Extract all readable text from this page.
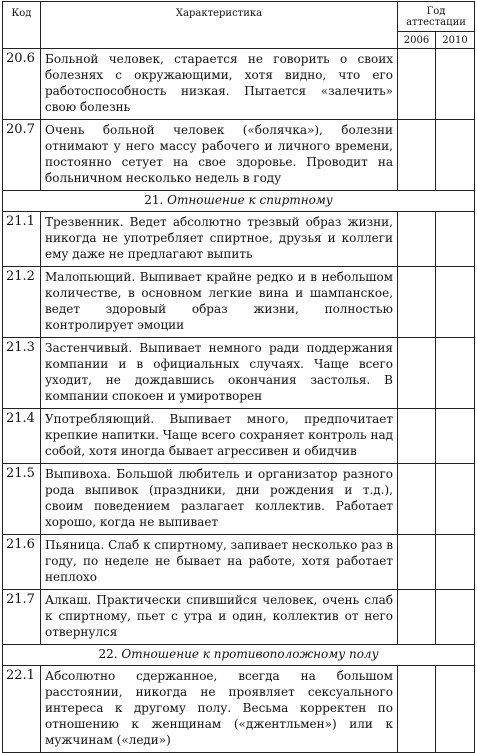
Код	Характеристика	Год
аттестации	

		2006	2010
20.6	Больной человек, старается не говорить о своих болезнях с окружающими, хотя видно, что его работоспособность низкая. Пытается «залечить» свою болезнь		
20.7	Очень больной человек («болячка»), болезни отнимают у него массу рабочего и личного времени, постоянно сетует на свое здоровье. Проводит на больничном несколько недель в году		
21. Отношение к спиртному			
21.1	Трезвенник. Ведет абсолютно трезвый образ жизни, никогда не употребляет спиртное, друзья и коллеги ему даже не предлагают выпить		
21.2	Малопьющий. Выпивает крайне редко и в небольшом количестве, в основном легкие вина и шампанское, ведет здоровый образ жизни, полностью контролирует эмоции		
21.3	Застенчивый. Выпивает немного ради поддержания компании и в официальных случаях. Чаще всего уходит, не дождавшись окончания застолья. В компании спокоен и умиротворен		
21.4	Употребляющий. Выпивает много, предпочитает крепкие напитки. Чаще всего сохраняет контроль над собой, хотя иногда бывает агрессивен и обидчив		
21.5	Выпивоха. Большой любитель и организатор разного рода выпивок (праздники, дни рождения и т.д.), своим поведением разлагает коллектив. Работает хорошо, когда не выпивает		
21.6	Пьяница. Слаб к спиртному, запивает несколько раз в году, по неделе не бывает на работе, хотя работает неплохо		
21.7	Алкаш. Практически спившийся человек, очень слаб к спиртному, пьет с утра и один, коллектив от него отвернулся		
22. Отношение к противоположному полу			
22.1	Абсолютно сдержанное, всегда на большом расстоянии, никогда не проявляет сексуального интереса к другому полу. Весьма корректен по отношению к женщинам («джентльмен») или к мужчинам («леди»)		
